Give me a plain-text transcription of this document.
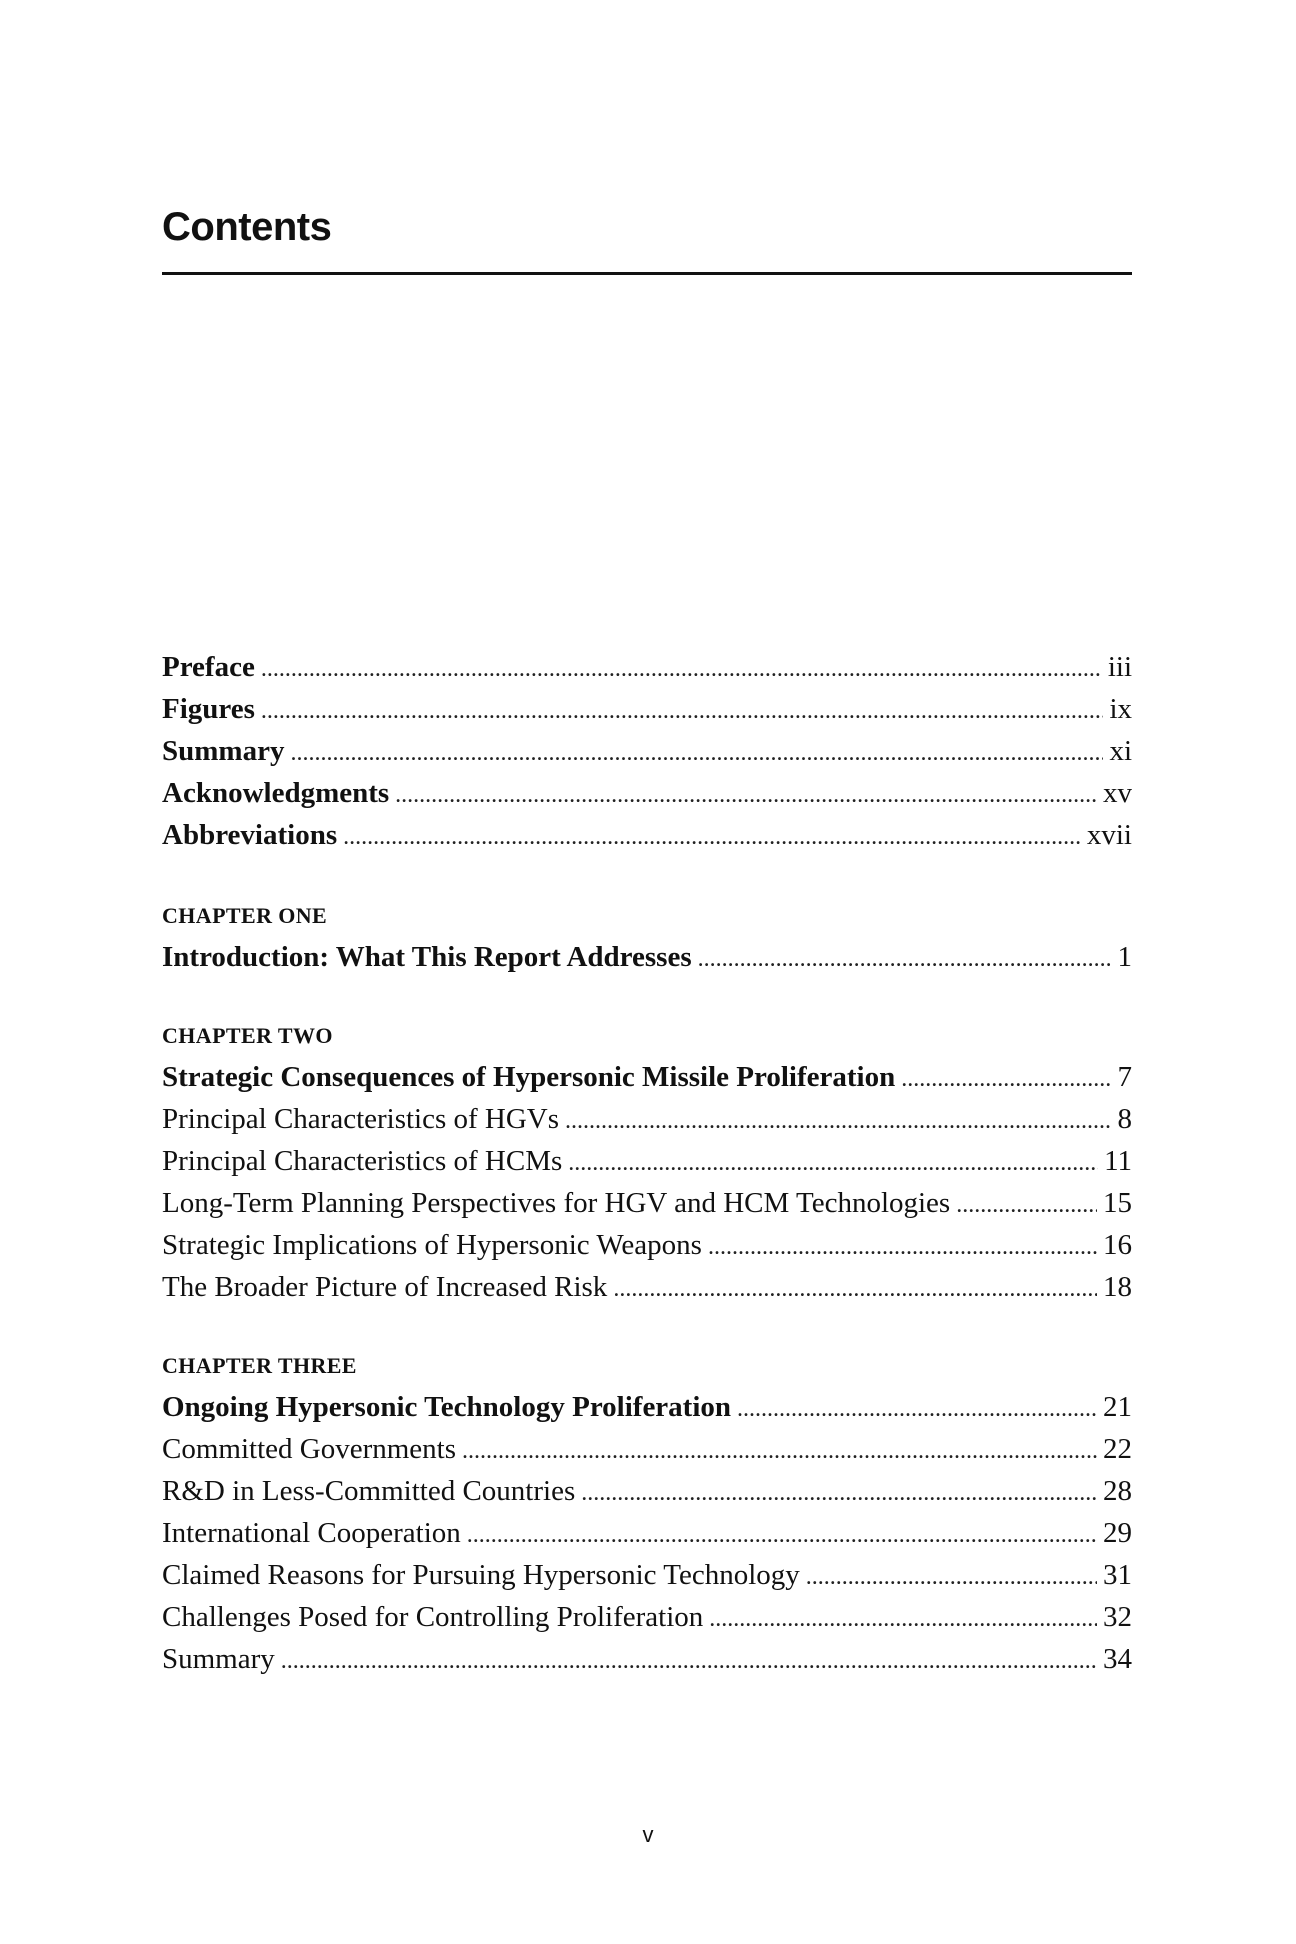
Contents
Preface . . .	iii
Figures . . .	ix
Summary . . .	xi
Acknowledgments . . .	xv
Abbreviations . . .	xvii
CHAPTER ONE
Introduction: What This Report Addresses . . .	1
CHAPTER TWO
Strategic Consequences of Hypersonic Missile Proliferation . . .	7
Principal Characteristics of HGVs . . .	8
Principal Characteristics of HCMs . . .	11
Long-Term Planning Perspectives for HGV and HCM Technologies . . .	15
Strategic Implications of Hypersonic Weapons . . .	16
The Broader Picture of Increased Risk . . .	18
CHAPTER THREE
Ongoing Hypersonic Technology Proliferation . . .	21
Committed Governments . . .	22
R&D in Less-Committed Countries . . .	28
International Cooperation . . .	29
Claimed Reasons for Pursuing Hypersonic Technology . . .	31
Challenges Posed for Controlling Proliferation . . .	32
Summary . . .	34
v
